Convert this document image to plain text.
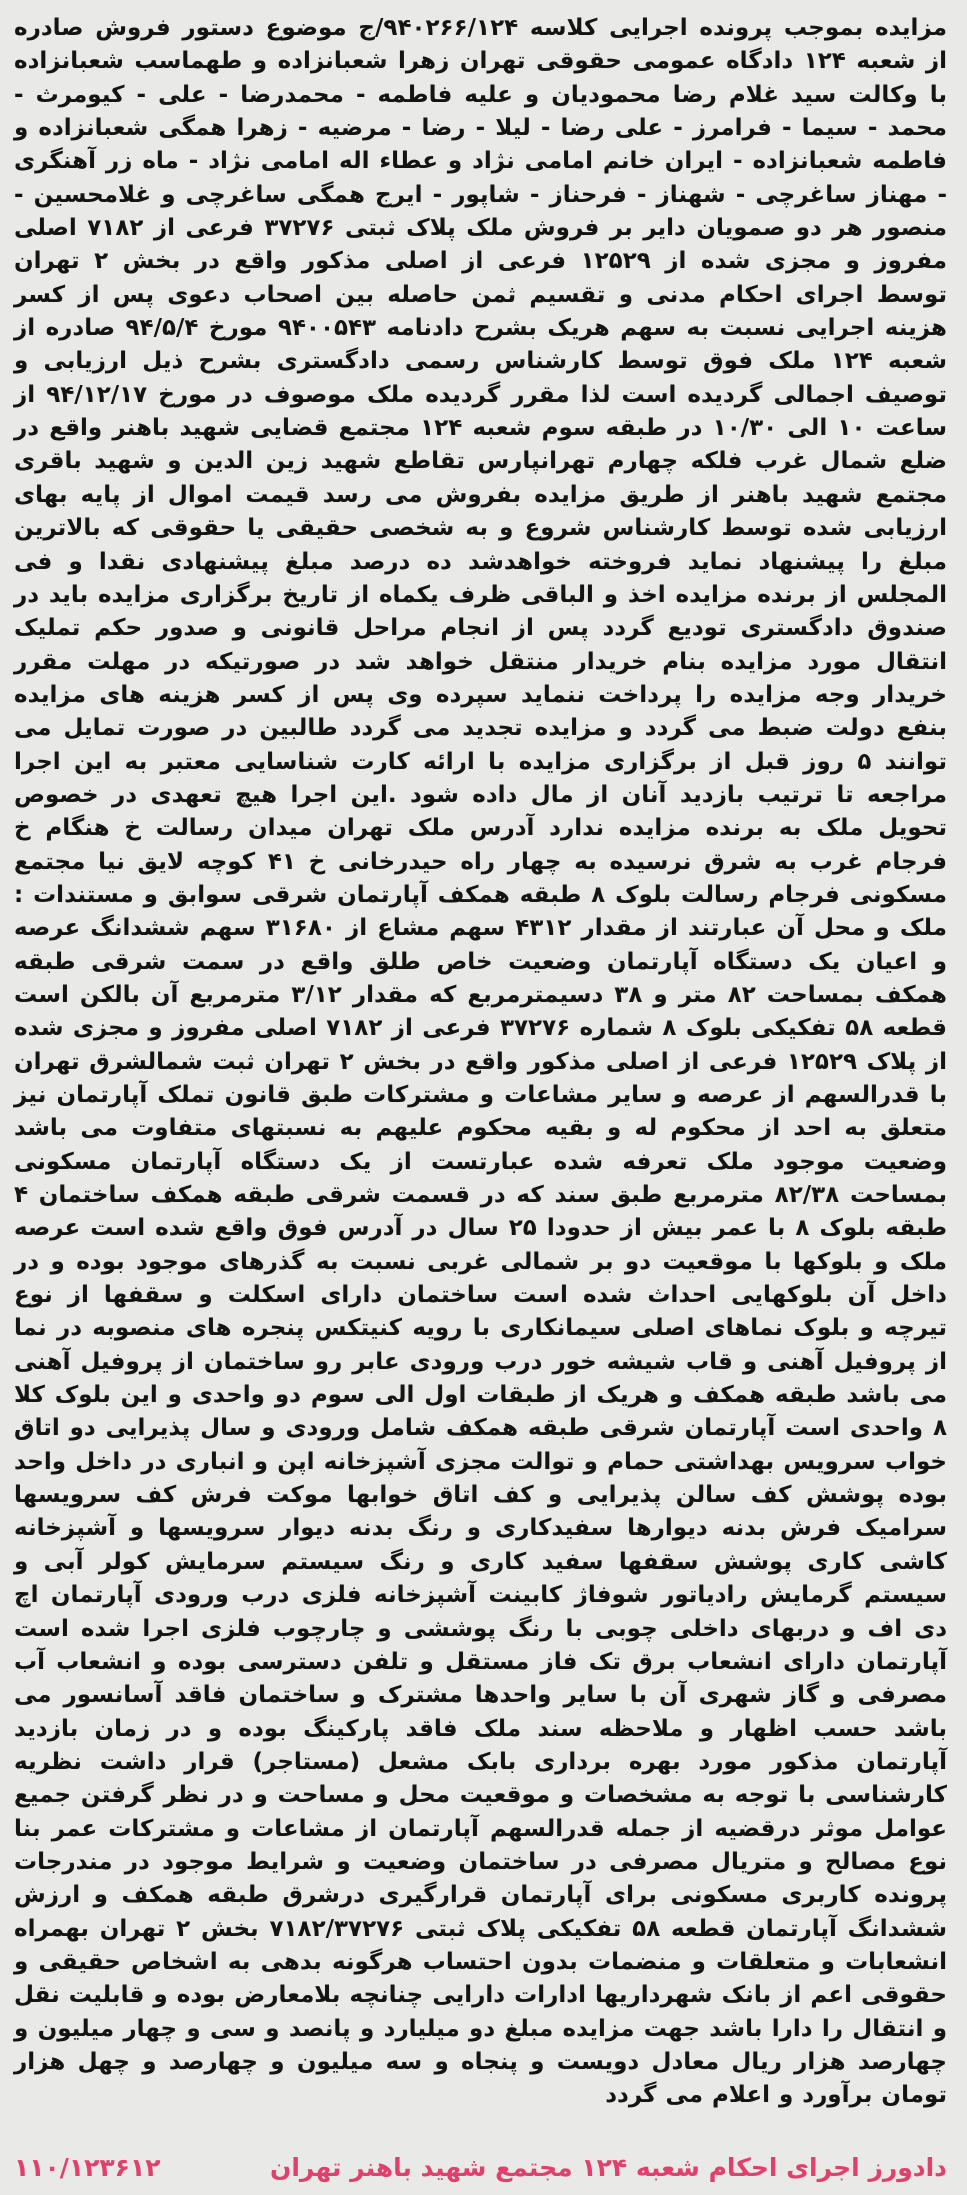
مزایده بموجب پرونده اجرایی کلاسه ۹۴۰۲۶۶/۱۲۴/ج موضوع دستور فروش صادره از شعبه ۱۲۴ دادگاه عمومی حقوقی تهران زهرا شعبانزاده و طهماسب شعبانزاده با وکالت سید غلام رضا محمودیان و علیه فاطمه - محمدرضا - علی - کیومرث - محمد - سیما - فرامرز - علی رضا - لیلا - رضا - مرضیه - زهرا همگی شعبانزاده و فاطمه شعبانزاده - ایران خانم امامی نژاد و عطاء اله امامی نژاد - ماه زر آهنگری - مهناز ساغرچی - شهناز - فرحناز - شاپور - ایرج همگی ساغرچی و غلامحسین - منصور هر دو صمویان دایر بر فروش ملک پلاک ثبتی ۳۷۲۷۶ فرعی از ۷۱۸۲ اصلی مفروز و مجزی شده از ۱۲۵۲۹ فرعی از اصلی مذکور واقع در بخش ۲ تهران توسط اجرای احکام مدنی و تقسیم ثمن حاصله بین اصحاب دعوی پس از کسر هزینه اجرایی نسبت به سهم هریک بشرح دادنامه ۹۴۰۰۵۴۳ مورخ ۹۴/۵/۴ صادره از شعبه ۱۲۴ ملک فوق توسط کارشناس رسمی دادگستری بشرح ذیل ارزیابی و توصیف اجمالی گردیده است لذا مقرر گردیده ملک موصوف در مورخ ۹۴/۱۲/۱۷ از ساعت ۱۰ الی ۱۰/۳۰ در طبقه سوم شعبه ۱۲۴ مجتمع قضایی شهید باهنر واقع در ضلع شمال غرب فلکه چهارم تهرانپارس تقاطع شهید زین الدین و شهید باقری مجتمع شهید باهنر از طریق مزایده بفروش می رسد قیمت اموال از پایه بهای ارزیابی شده توسط کارشناس شروع و به شخصی حقیقی یا حقوقی که بالاترین مبلغ را پیشنهاد نماید فروخته خواهدشد ده درصد مبلغ پیشنهادی نقدا و فی المجلس از برنده مزایده اخذ و الباقی ظرف یکماه از تاریخ برگزاری مزایده باید در صندوق دادگستری تودیع گردد پس از انجام مراحل قانونی و صدور حکم تملیک انتقال مورد مزایده بنام خریدار منتقل خواهد شد در صورتیکه در مهلت مقرر خریدار وجه مزایده را پرداخت ننماید سپرده وی پس از کسر هزینه های مزایده بنفع دولت ضبط می گردد و مزایده تجدید می گردد طالبین در صورت تمایل می توانند ۵ روز قبل از برگزاری مزایده با ارائه کارت شناسایی معتبر به این اجرا مراجعه تا ترتیب بازدید آنان از مال داده شود .این اجرا هیچ تعهدی در خصوص تحویل ملک به برنده مزایده ندارد آدرس ملک تهران میدان رسالت خ هنگام خ فرجام غرب به شرق نرسیده به چهار راه حیدرخانی خ ۴۱ کوچه لایق نیا مجتمع مسکونی فرجام رسالت بلوک ۸ طبقه همکف آپارتمان شرقی سوابق و مستندات : ملک و محل آن عبارتند از مقدار ۴۳۱۲ سهم مشاع از ۳۱۶۸۰ سهم ششدانگ عرصه و اعیان یک دستگاه آپارتمان وضعیت خاص طلق واقع در سمت شرقی طبقه همکف بمساحت ۸۲ متر و ۳۸ دسیمترمربع که مقدار ۳/۱۲ مترمربع آن بالکن است قطعه ۵۸ تفکیکی بلوک ۸ شماره ۳۷۲۷۶ فرعی از ۷۱۸۲ اصلی مفروز و مجزی شده از پلاک ۱۲۵۲۹ فرعی از اصلی مذکور واقع در بخش ۲ تهران ثبت شمالشرق تهران با قدرالسهم از عرصه و سایر مشاعات و مشترکات طبق قانون تملک آپارتمان نیز متعلق به احد از محکوم له و بقیه محکوم علیهم به نسبتهای متفاوت می باشد وضعیت موجود ملک تعرفه شده عبارتست از یک دستگاه آپارتمان مسکونی بمساحت ۸۲/۳۸ مترمربع طبق سند که در قسمت شرقی طبقه همکف ساختمان ۴ طبقه بلوک ۸ با عمر بیش از حدودا ۲۵ سال در آدرس فوق واقع شده است عرصه ملک و بلوکها با موقعیت دو بر شمالی غربی نسبت به گذرهای موجود بوده و در داخل آن بلوکهایی احداث شده است ساختمان دارای اسکلت و سقفها از نوع تیرچه و بلوک نماهای اصلی سیمانکاری با رویه کنیتکس پنجره های منصوبه در نما از پروفیل آهنی و قاب شیشه خور درب ورودی عابر رو ساختمان از پروفیل آهنی می باشد طبقه همکف و هریک از طبقات اول الی سوم دو واحدی و این بلوک کلا ۸ واحدی است آپارتمان شرقی طبقه همکف شامل ورودی و سال پذیرایی دو اتاق خواب سرویس بهداشتی حمام و توالت مجزی آشپزخانه اپن و انباری در داخل واحد بوده پوشش کف سالن پذیرایی و کف اتاق خوابها موکت فرش کف سرویسها سرامیک فرش بدنه دیوارها سفیدکاری و رنگ بدنه دیوار سرویسها و آشپزخانه کاشی کاری پوشش سقفها سفید کاری و رنگ سیستم سرمایش کولر آبی و سیستم گرمایش رادیاتور شوفاژ کابینت آشپزخانه فلزی درب ورودی آپارتمان اچ دی اف و دربهای داخلی چوبی با رنگ پوششی و چارچوب فلزی اجرا شده است آپارتمان دارای انشعاب برق تک فاز مستقل و تلفن دسترسی بوده و انشعاب آب مصرفی و گاز شهری آن با سایر واحدها مشترک و ساختمان فاقد آسانسور می باشد حسب اظهار و ملاحظه سند ملک فاقد پارکینگ بوده و در زمان بازدید آپارتمان مذکور مورد بهره برداری بابک مشعل (مستاجر) قرار داشت نظریه کارشناسی با توجه به مشخصات و موقعیت محل و مساحت و در نظر گرفتن جمیع عوامل موثر درقضیه از جمله قدرالسهم آپارتمان از مشاعات و مشترکات عمر بنا نوع مصالح و متریال مصرفی در ساختمان وضعیت و شرایط موجود در مندرجات پرونده کاربری مسکونی برای آپارتمان قرارگیری درشرق طبقه همکف و ارزش ششدانگ آپارتمان قطعه ۵۸ تفکیکی پلاک ثبتی ۷۱۸۲/۳۷۲۷۶ بخش ۲ تهران بهمراه انشعابات و متعلقات و منضمات بدون احتساب هرگونه بدهی به اشخاص حقیقی و حقوقی اعم از بانک شهرداریها ادارات دارایی چنانچه بلامعارض بوده و قابلیت نقل و انتقال را دارا باشد جهت مزایده مبلغ دو میلیارد و پانصد و سی و چهار میلیون و چهارصد هزار ریال معادل دویست و پنجاه و سه میلیون و چهارصد و چهل هزار تومان برآورد و اعلام می گردد
دادورز اجرای احکام شعبه ۱۲۴ مجتمع شهید باهنر تهران
۱۱۰/۱۲۳۶۱۲
